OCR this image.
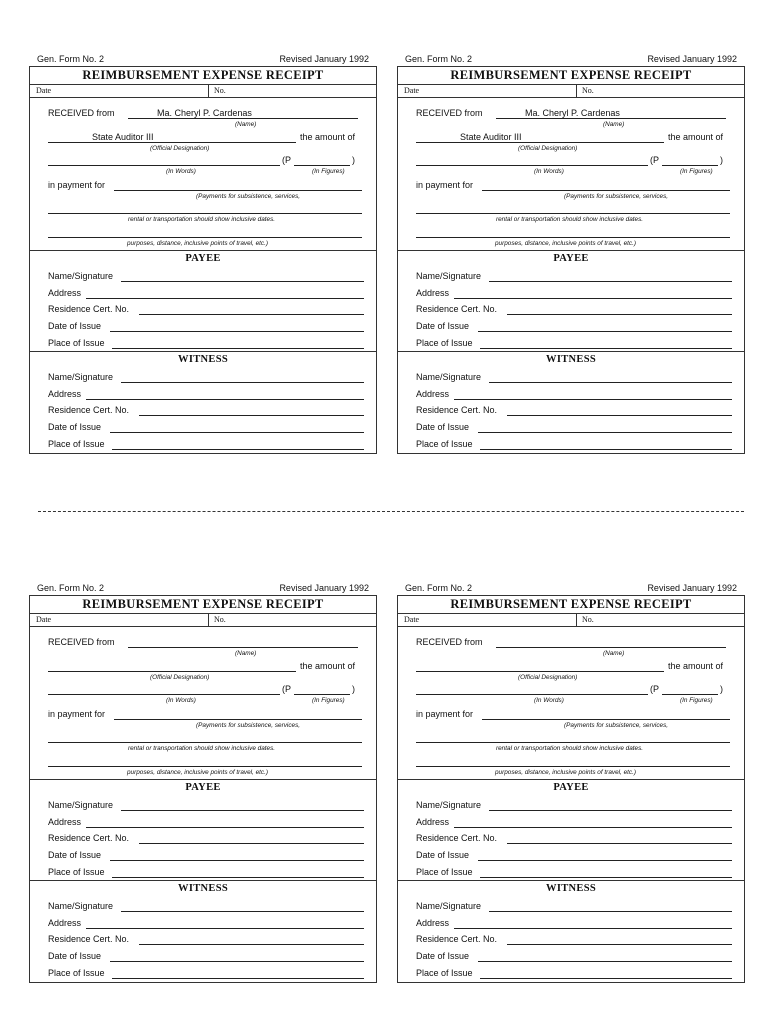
Gen. Form No. 2	Revised January 1992
REIMBURSEMENT EXPENSE RECEIPT
Date	No.
RECEIVED from	Ma. Cheryl P. Cardenas
(Name)
State Auditor III	the amount of
(Official Designation)
(P	)
(In Words)	(In Figures)
in payment for
(Payments for subsistence, services,
rental or transportation should show inclusive dates.
purposes, distance, inclusive points of travel, etc.)
PAYEE
Name/Signature
Address
Residence Cert. No.
Date of Issue
Place of Issue
WITNESS
Name/Signature
Address
Residence Cert. No.
Date of Issue
Place of Issue
Gen. Form No. 2	Revised January 1992
REIMBURSEMENT EXPENSE RECEIPT
Date	No.
RECEIVED from	Ma. Cheryl P. Cardenas
(Name)
State Auditor III	the amount of
(Official Designation)
(P	)
(In Words)	(In Figures)
in payment for
(Payments for subsistence, services,
rental or transportation should show inclusive dates.
purposes, distance, inclusive points of travel, etc.)
PAYEE
Name/Signature
Address
Residence Cert. No.
Date of Issue
Place of Issue
WITNESS
Name/Signature
Address
Residence Cert. No.
Date of Issue
Place of Issue
Gen. Form No. 2	Revised January 1992
REIMBURSEMENT EXPENSE RECEIPT
Date	No.
RECEIVED from
(Name)
the amount of
(Official Designation)
(P	)
(In Words)	(In Figures)
in payment for
(Payments for subsistence, services,
rental or transportation should show inclusive dates.
purposes, distance, inclusive points of travel, etc.)
PAYEE
Name/Signature
Address
Residence Cert. No.
Date of Issue
Place of Issue
WITNESS
Name/Signature
Address
Residence Cert. No.
Date of Issue
Place of Issue
Gen. Form No. 2	Revised January 1992
REIMBURSEMENT EXPENSE RECEIPT
Date	No.
RECEIVED from
(Name)
the amount of
(Official Designation)
(P	)
(In Words)	(In Figures)
in payment for
(Payments for subsistence, services,
rental or transportation should show inclusive dates.
purposes, distance, inclusive points of travel, etc.)
PAYEE
Name/Signature
Address
Residence Cert. No.
Date of Issue
Place of Issue
WITNESS
Name/Signature
Address
Residence Cert. No.
Date of Issue
Place of Issue
